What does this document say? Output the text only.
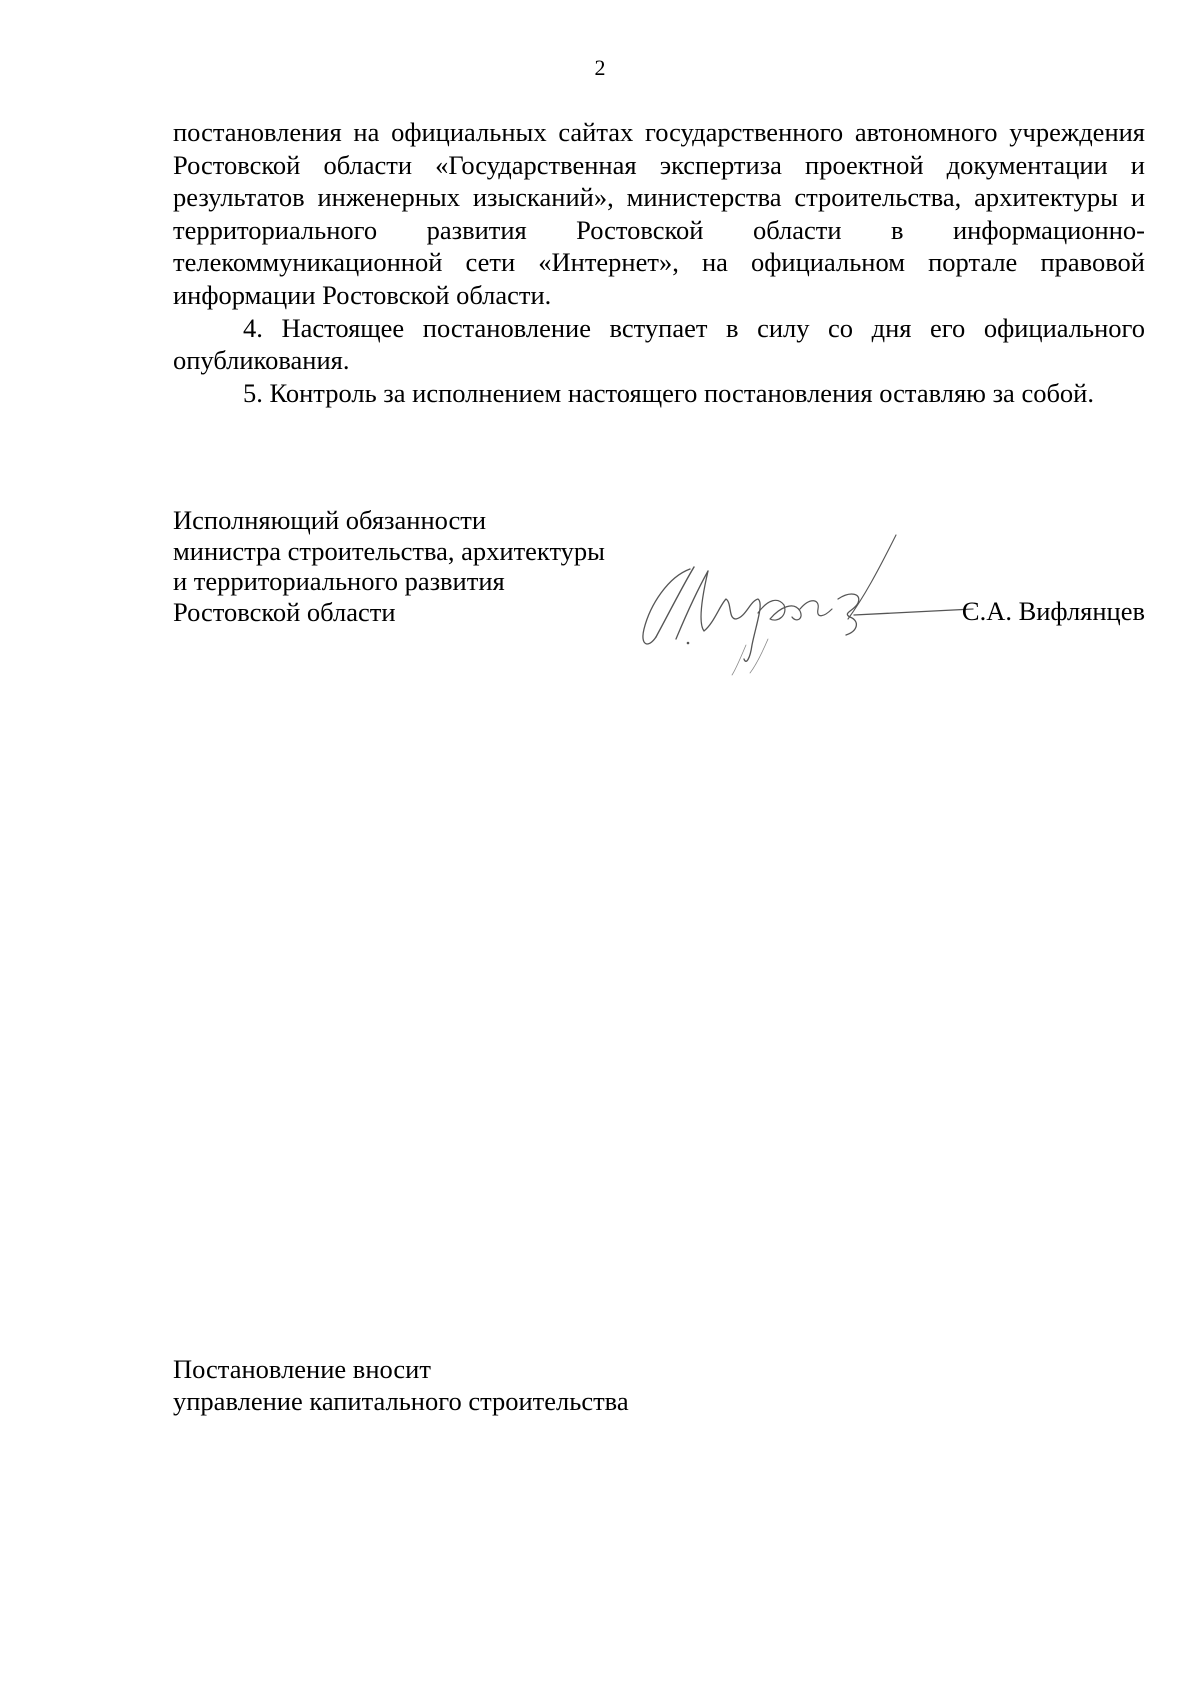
2

постановления на официальных сайтах государственного автономного учреждения Ростовской области «Государственная экспертиза проектной документации и результатов инженерных изысканий», министерства строительства, архитектуры и территориального развития Ростовской области в информационно-телекоммуникационной сети «Интернет», на официальном портале правовой информации Ростовской области.

4. Настоящее постановление вступает в силу со дня его официального опубликования.

5. Контроль за исполнением настоящего постановления оставляю за собой.

Исполняющий обязанности
министра строительства, архитектуры
и территориального развития
Ростовской области	С.А. Вифлянцев
Постановление вносит
управление капитального строительства
